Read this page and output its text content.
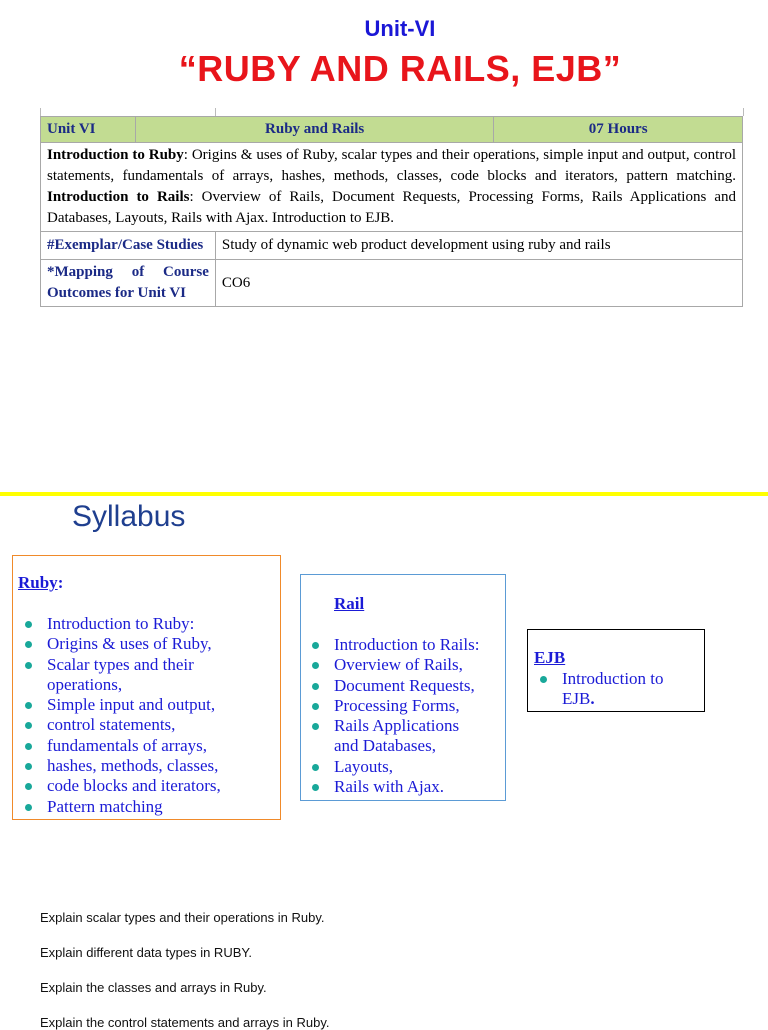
Unit-VI
“RUBY AND RAILS, EJB”
Unit VI	Ruby and Rails		07 Hours
Introduction to Ruby: Origins & uses of Ruby, scalar types and their operations, simple input and output, control statements, fundamentals of arrays, hashes, methods, classes, code blocks and iterators, pattern matching. Introduction to Rails: Overview of Rails, Document Requests, Processing Forms, Rails Applications and Databases, Layouts, Rails with Ajax. Introduction to EJB.			
#Exemplar/Case Studies		Study of dynamic web product development using ruby and rails	
*Mapping of Course Outcomes for Unit VI		CO6	
Syllabus
Ruby:
Introduction to Ruby:
Origins & uses of Ruby,
Scalar types and their operations,
Simple input and output,
control statements,
fundamentals of arrays,
hashes, methods, classes,
code blocks and iterators,
Pattern matching
Rail
Introduction to Rails:
Overview of Rails,
Document Requests,
Processing Forms,
Rails Applications and Databases,
Layouts,
Rails with Ajax.
EJB
Introduction to EJB.
Explain scalar types and their operations in Ruby.
Explain different data types in RUBY.
Explain the classes and arrays in Ruby.
Explain the control statements and arrays in Ruby.
